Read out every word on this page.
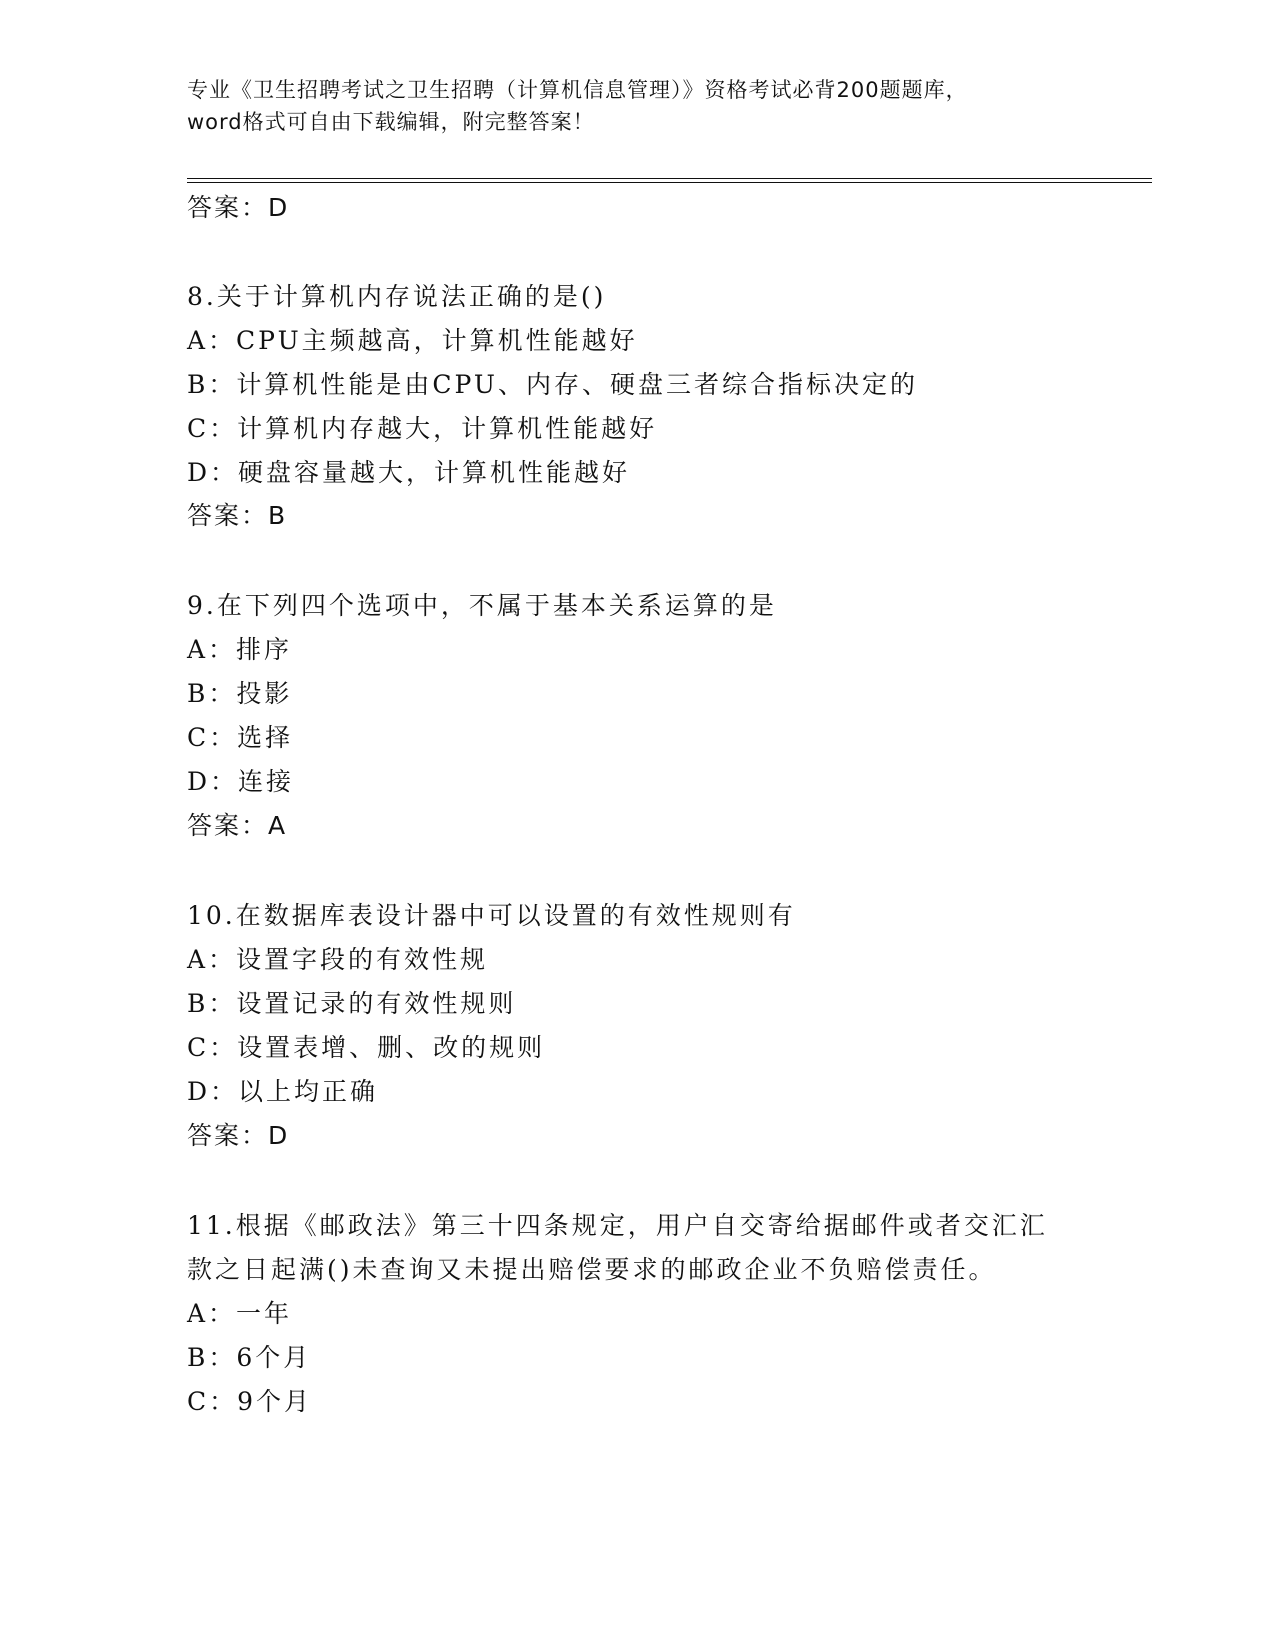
专业《卫生招聘考试之卫生招聘（计算机信息管理）》资格考试必背200题题库，
word格式可自由下载编辑，附完整答案！
答案：D
8.关于计算机内存说法正确的是()
A：CPU主频越高，计算机性能越好
B：计算机性能是由CPU、内存、硬盘三者综合指标决定的
C：计算机内存越大，计算机性能越好
D：硬盘容量越大，计算机性能越好
答案：B
9.在下列四个选项中，不属于基本关系运算的是
A：排序
B：投影
C：选择
D：连接
答案：A
10.在数据库表设计器中可以设置的有效性规则有
A：设置字段的有效性规
B：设置记录的有效性规则
C：设置表增、删、改的规则
D：以上均正确
答案：D
11.根据《邮政法》第三十四条规定，用户自交寄给据邮件或者交汇汇
款之日起满()未查询又未提出赔偿要求的邮政企业不负赔偿责任。
A：一年
B：6个月
C：9个月
